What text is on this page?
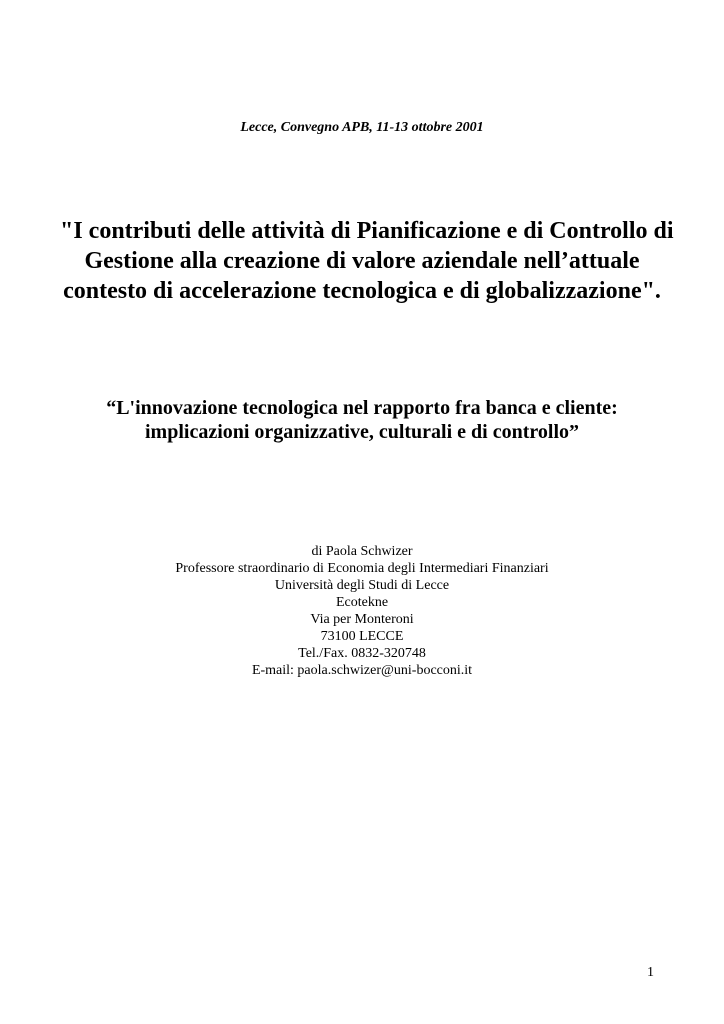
Lecce, Convegno APB, 11-13 ottobre 2001
"I contributi delle attività di Pianificazione e di Controllo di
Gestione alla creazione di valore aziendale nell’attuale
contesto di accelerazione tecnologica e di globalizzazione".
“L'innovazione tecnologica nel rapporto fra banca e cliente:
implicazioni organizzative, culturali e di controllo”
di Paola Schwizer
Professore straordinario di Economia degli Intermediari Finanziari
Università degli Studi di Lecce
Ecotekne
Via per Monteroni
73100 LECCE
Tel./Fax. 0832-320748
E-mail: paola.schwizer@uni-bocconi.it
1
